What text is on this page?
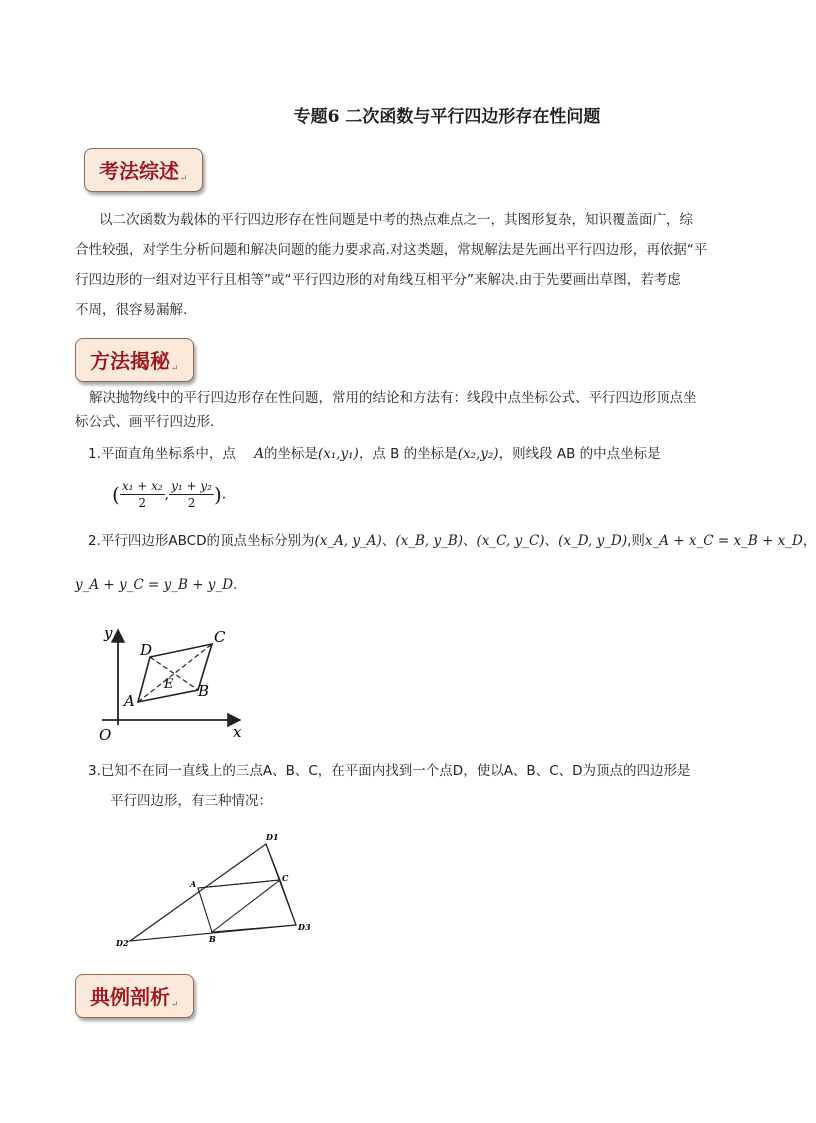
专题6 二次函数与平行四边形存在性问题
考法综述↵
以二次函数为载体的平行四边形存在性问题是中考的热点难点之一，其图形复杂，知识覆盖面广，综
合性较强，对学生分析问题和解决问题的能力要求高.对这类题，常规解法是先画出平行四边形，再依据“平
行四边形的一组对边平行且相等”或“平行四边形的对角线互相平分”来解决.由于先要画出草图，若考虑
不周，很容易漏解.
方法揭秘↵
解决抛物线中的平行四边形存在性问题，常用的结论和方法有：线段中点坐标公式、平行四边形顶点坐
标公式、画平行四边形.
1.平面直角坐标系中，点 A的坐标是(x₁,y₁)，点 B 的坐标是(x₂,y₂)，则线段 AB 的中点坐标是
( $\frac{\text{x₁ + x₂}}{2}$ , $\frac{\text{y₁ + y₂}}{2}$ ).
2.平行四边形ABCD的顶点坐标分别为(x_A, y_A)、(x_B, y_B)、(x_C, y_C)、(x_D, y_D),则x_A + x_C = x_B + x_D，
y_A + y_C = y_B + y_D.
y
x
O
A
B
C
D
E
3.已知不在同一直线上的三点A、B、C，在平面内找到一个点D，使以A、B、C、D为顶点的四边形是
平行四边形，有三种情况：
A
B
C
D1
D2
D3
典例剖析↵
